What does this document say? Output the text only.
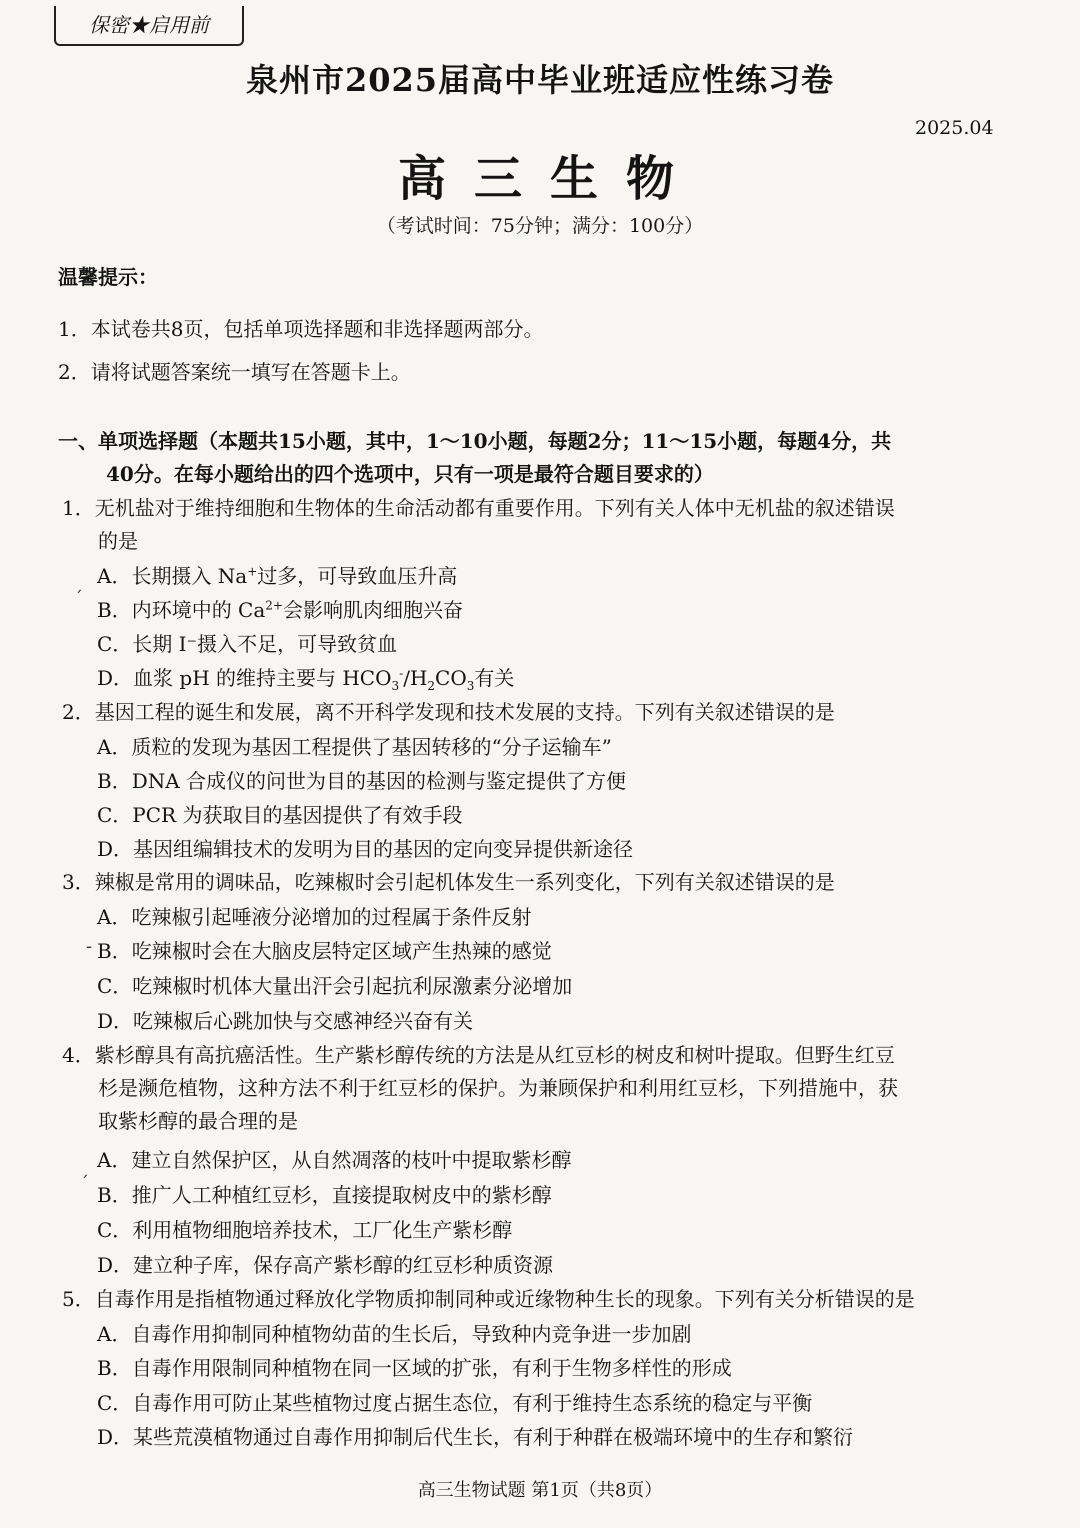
保密★启用前
泉州市2025届高中毕业班适应性练习卷
2025.04
高三生物
（考试时间：75分钟；满分：100分）
温馨提示：
1．本试卷共8页，包括单项选择题和非选择题两部分。
2．请将试题答案统一填写在答题卡上。
一、单项选择题（本题共15小题，其中，1～10小题，每题2分；11～15小题，每题4分，共
40分。在每小题给出的四个选项中，只有一项是最符合题目要求的）
1．无机盐对于维持细胞和生物体的生命活动都有重要作用。下列有关人体中无机盐的叙述错误
的是
A．长期摄入 Na+过多，可导致血压升高
ˊ B．内环境中的 $Ca^{2+}$会影响肌肉细胞兴奋
C．长期 I⁻摄入不足，可导致贫血
D．血浆 pH 的维持主要与 $HCO_3^-/H_2CO_3$有关
2．基因工程的诞生和发展，离不开科学发现和技术发展的支持。下列有关叙述错误的是
A．质粒的发现为基因工程提供了基因转移的“分子运输车”
B．DNA 合成仪的问世为目的基因的检测与鉴定提供了方便
C．PCR 为获取目的基因提供了有效手段
D．基因组编辑技术的发明为目的基因的定向变异提供新途径
3．辣椒是常用的调味品，吃辣椒时会引起机体发生一系列变化，下列有关叙述错误的是
A．吃辣椒引起唾液分泌增加的过程属于条件反射
- B．吃辣椒时会在大脑皮层特定区域产生热辣的感觉
C．吃辣椒时机体大量出汗会引起抗利尿激素分泌增加
D．吃辣椒后心跳加快与交感神经兴奋有关
4．紫杉醇具有高抗癌活性。生产紫杉醇传统的方法是从红豆杉的树皮和树叶提取。但野生红豆
杉是濒危植物，这种方法不利于红豆杉的保护。为兼顾保护和利用红豆杉，下列措施中，获
取紫杉醇的最合理的是
A．建立自然保护区，从自然凋落的枝叶中提取紫杉醇
ˊ B．推广人工种植红豆杉，直接提取树皮中的紫杉醇
C．利用植物细胞培养技术，工厂化生产紫杉醇
D．建立种子库，保存高产紫杉醇的红豆杉种质资源
5．自毒作用是指植物通过释放化学物质抑制同种或近缘物种生长的现象。下列有关分析错误的是
A．自毒作用抑制同种植物幼苗的生长后，导致种内竞争进一步加剧
B．自毒作用限制同种植物在同一区域的扩张，有利于生物多样性的形成
C．自毒作用可防止某些植物过度占据生态位，有利于维持生态系统的稳定与平衡
D．某些荒漠植物通过自毒作用抑制后代生长，有利于种群在极端环境中的生存和繁衍
高三生物试题 第1页（共8页）
